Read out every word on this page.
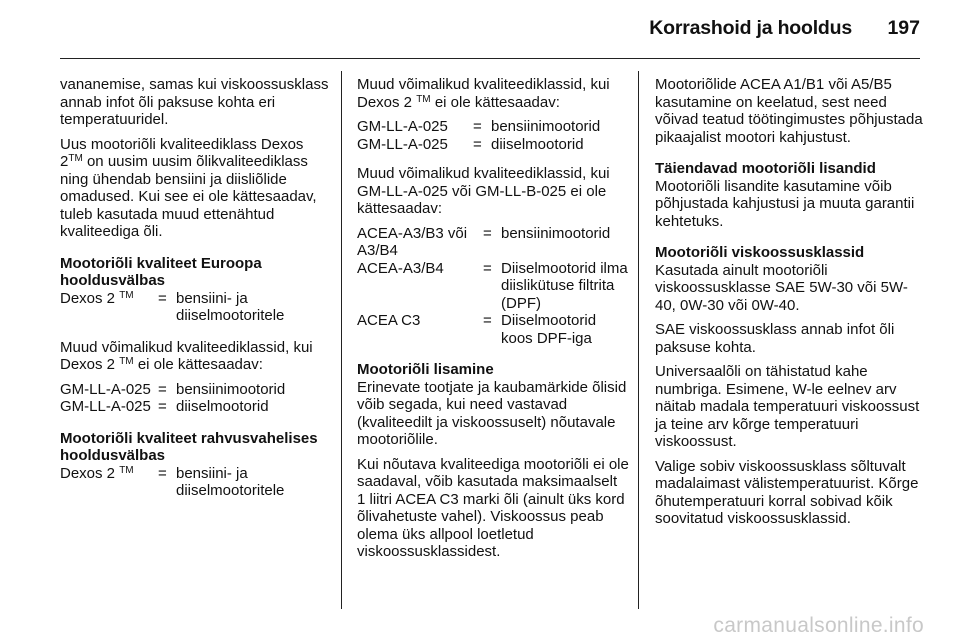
Korrashoid ja hooldus 197

vananemise, samas kui viskoossusklass annab infot õli paksuse kohta eri temperatuuridel.

Uus mootoriõli kvaliteediklass Dexos 2™ on uusim uusim õlikvaliteediklass ning ühendab bensiini ja diisliõlide omadused. Kui see ei ole kättesaadav, tuleb kasutada muud ettenähtud kvaliteediga õli.

Mootoriõli kvaliteet Euroopa hooldusvälbas
Dexos 2 ™	= bensiini- ja diiselmootoritele

Muud võimalikud kvaliteediklassid, kui Dexos 2 ™ ei ole kättesaadav:

GM-LL-A-025 = bensiinimootorid
GM-LL-A-025 = diiselmootorid
Mootoriõli kvaliteet rahvusvahelises hooldusvälbas
Dexos 2 ™	= bensiini- ja diiselmootoritele

Muud võimalikud kvaliteediklassid, kui Dexos 2 ™ ei ole kättesaadav:

GM-LL-A-025	= bensiinimootorid
GM-LL-A-025	= diiselmootorid

Muud võimalikud kvaliteediklassid, kui GM-LL-A-025 või GM-LL-B-025 ei ole kättesaadav:

ACEA-A3/B3 või A3/B4
= bensiinimootorid
ACEA-A3/B4	= Diiselmootorid ilma diislikütuse filtrita (DPF)
ACEA C3	= Diiselmootorid koos DPF-iga
Mootoriõli lisamine

Erinevate tootjate ja kaubamärkide õlisid võib segada, kui need vastavad (kvaliteedilt ja viskoossuselt) nõutavale mootoriõlile.

Kui nõutava kvaliteediga mootoriõli ei ole saadaval, võib kasutada maksimaalselt 1 liitri ACEA C3 marki õli (ainult üks kord õlivahetuste vahel). Viskoossus peab olema üks allpool loetletud viskoossusklassidest.

Mootoriõlide ACEA A1/B1 või A5/B5 kasutamine on keelatud, sest need võivad teatud töötingimustes põhjustada pikaajalist mootori kahjustust.

Täiendavad mootoriõli lisandid

Mootoriõli lisandite kasutamine võib põhjustada kahjustusi ja muuta garantii kehtetuks.

Mootoriõli viskoossusklassid

Kasutada ainult mootoriõli viskoossusklasse SAE 5W-30 või 5W-40, 0W-30 või 0W-40.

SAE viskoossusklass annab infot õli paksuse kohta.

Universaalõli on tähistatud kahe numbriga. Esimene, W-le eelnev arv näitab madala temperatuuri viskoossust ja teine arv kõrge temperatuuri viskoossust.

Valige sobiv viskoossusklass sõltuvalt madalaimast välistemperatuurist. Kõrge õhutemperatuuri korral sobivad kõik soovitatud viskoossusklassid.

carmanualsonline.info
